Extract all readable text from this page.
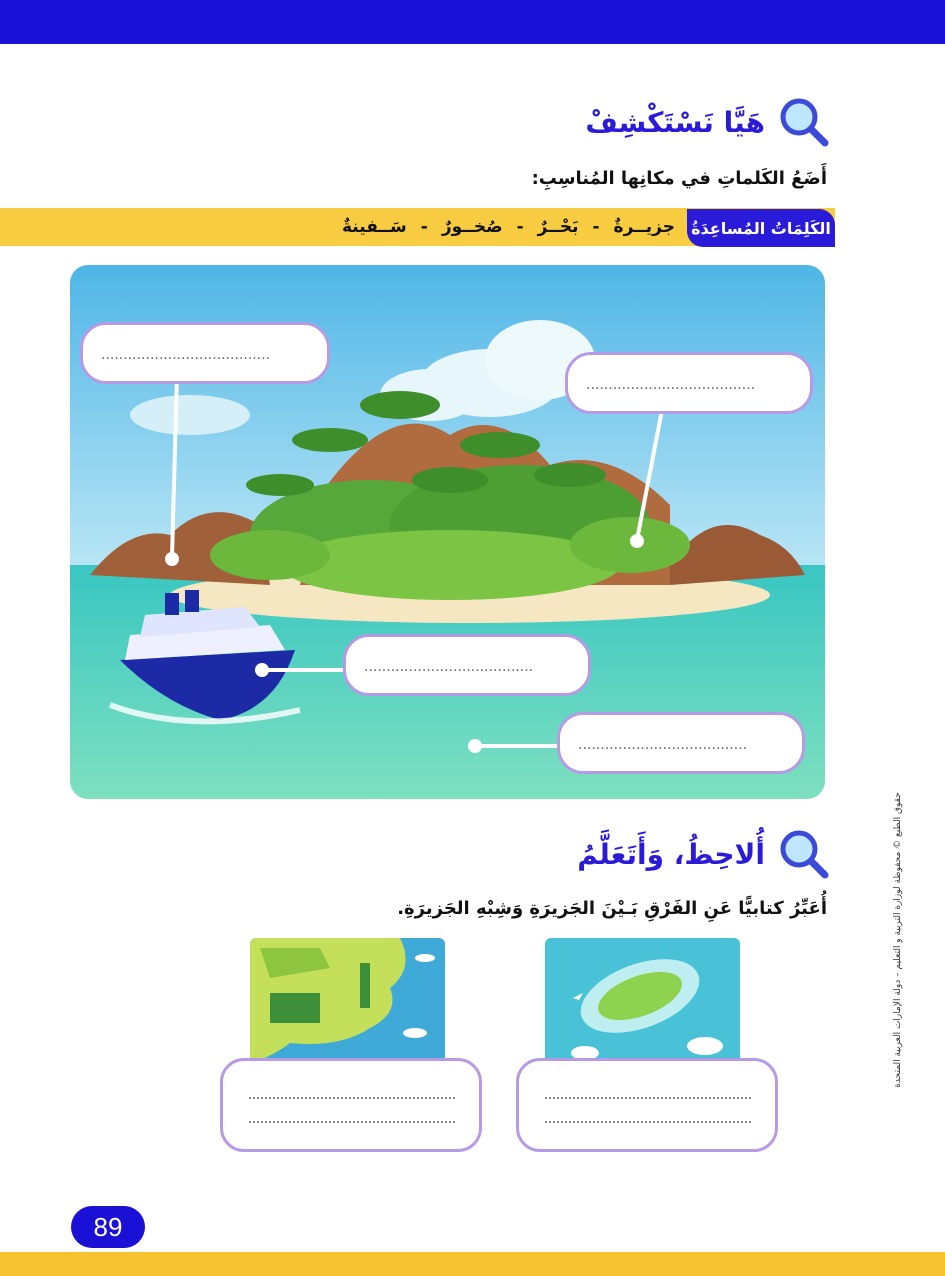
هَيَّا نَسْتَكْشِفْ
أَضَعُ الكَلماتِ في مكانِها المُناسِبِ:
الكَلِمَاتُ المُساعِدَةُ
جزيــرةٌ
-
بَحْــرٌ
-
صُخــورٌ
-
سَــفينةٌ
......................................
......................................
......................................
......................................
أُلاحِظُ، وَأَتَعَلَّمُ
أُعَبِّرُ كتابيًّا عَنِ الفَرْقِ بَـيْنَ الجَزيرَةِ وَشِبْهِ الجَزيرَةِ.	حقوق الطبع © محفوظة لوزارة التربية و التعليم – دولة الإمارات العربية المتحدة
89
